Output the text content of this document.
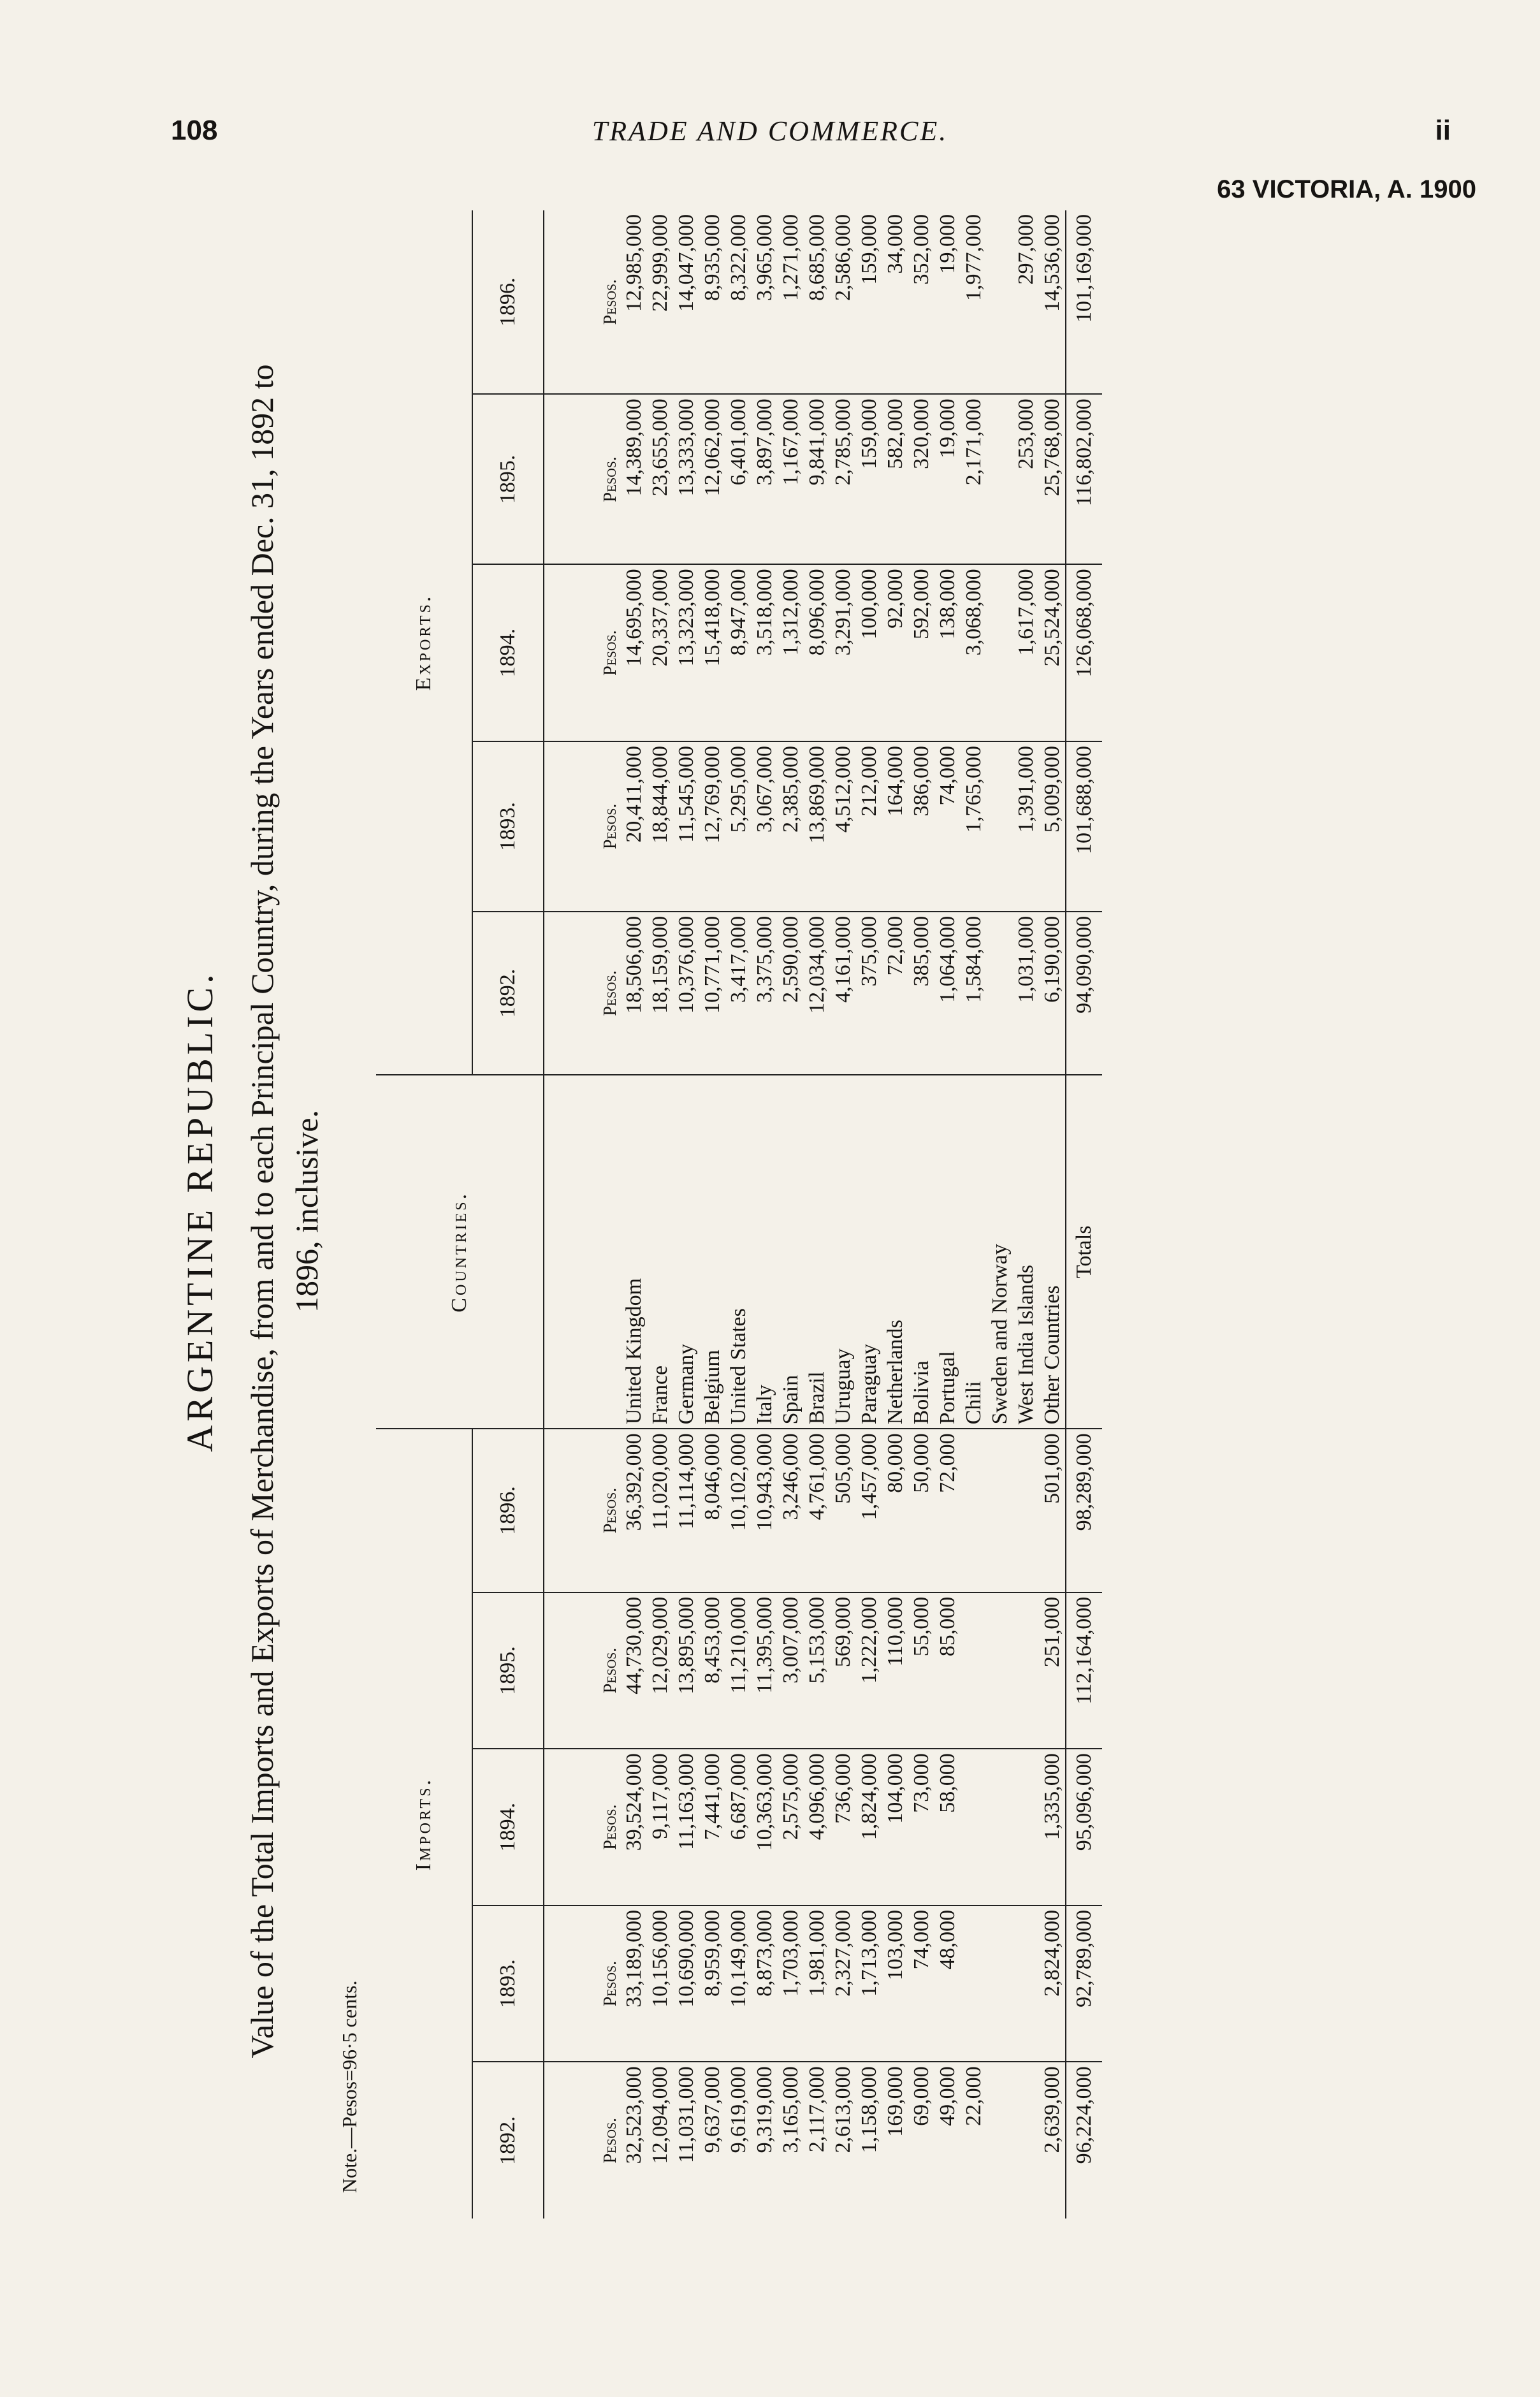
108	TRADE AND COMMERCE.	ii
63 VICTORIA, A. 1900
ARGENTINE REPUBLIC. Value of the Total Imports and Exports of Merchandise, from and to each Principal Country, during the Years ended Dec. 31, 1892 to 1896, inclusive.
Note.—Pesos=96·5 cents.
Imports.					Countries.	Exports.				
1892.	1893.	1894.	1895.	1896.		1892.	1893.	1894.	1895.	1896.
Pesos.	Pesos.	Pesos.	Pesos.	Pesos.		Pesos.	Pesos.	Pesos.	Pesos.	Pesos.
32,523,000	33,189,000	39,524,000	44,730,000	36,392,000	United Kingdom	18,506,000	20,411,000	14,695,000	14,389,000	12,985,000
12,094,000	10,156,000	9,117,000	12,029,000	11,020,000	France	18,159,000	18,844,000	20,337,000	23,655,000	22,999,000
11,031,000	10,690,000	11,163,000	13,895,000	11,114,000	Germany	10,376,000	11,545,000	13,323,000	13,333,000	14,047,000
9,637,000	8,959,000	7,441,000	8,453,000	8,046,000	Belgium	10,771,000	12,769,000	15,418,000	12,062,000	8,935,000
9,619,000	10,149,000	6,687,000	11,210,000	10,102,000	United States	3,417,000	5,295,000	8,947,000	6,401,000	8,322,000
9,319,000	8,873,000	10,363,000	11,395,000	10,943,000	Italy	3,375,000	3,067,000	3,518,000	3,897,000	3,965,000
3,165,000	1,703,000	2,575,000	3,007,000	3,246,000	Spain	2,590,000	2,385,000	1,312,000	1,167,000	1,271,000
2,117,000	1,981,000	4,096,000	5,153,000	4,761,000	Brazil	12,034,000	13,869,000	8,096,000	9,841,000	8,685,000
2,613,000	2,327,000	736,000	569,000	505,000	Uruguay	4,161,000	4,512,000	3,291,000	2,785,000	2,586,000
1,158,000	1,713,000	1,824,000	1,222,000	1,457,000	Paraguay	375,000	212,000	100,000	159,000	159,000
169,000	103,000	104,000	110,000	80,000	Netherlands	72,000	164,000	92,000	582,000	34,000
69,000	74,000	73,000	55,000	50,000	Bolivia	385,000	386,000	592,000	320,000	352,000
49,000	48,000	58,000	85,000	72,000	Portugal	1,064,000	74,000	138,000	19,000	19,000
22,000					Chili	1,584,000	1,765,000	3,068,000	2,171,000	1,977,000
					Sweden and Norway					
					West India Islands	1,031,000	1,391,000	1,617,000	253,000	297,000
2,639,000	2,824,000	1,335,000	251,000	501,000	Other Countries	6,190,000	5,009,000	25,524,000	25,768,000	14,536,000
96,224,000	92,789,000	95,096,000	112,164,000	98,289,000	Totals	94,090,000	101,688,000	126,068,000	116,802,000	101,169,000
